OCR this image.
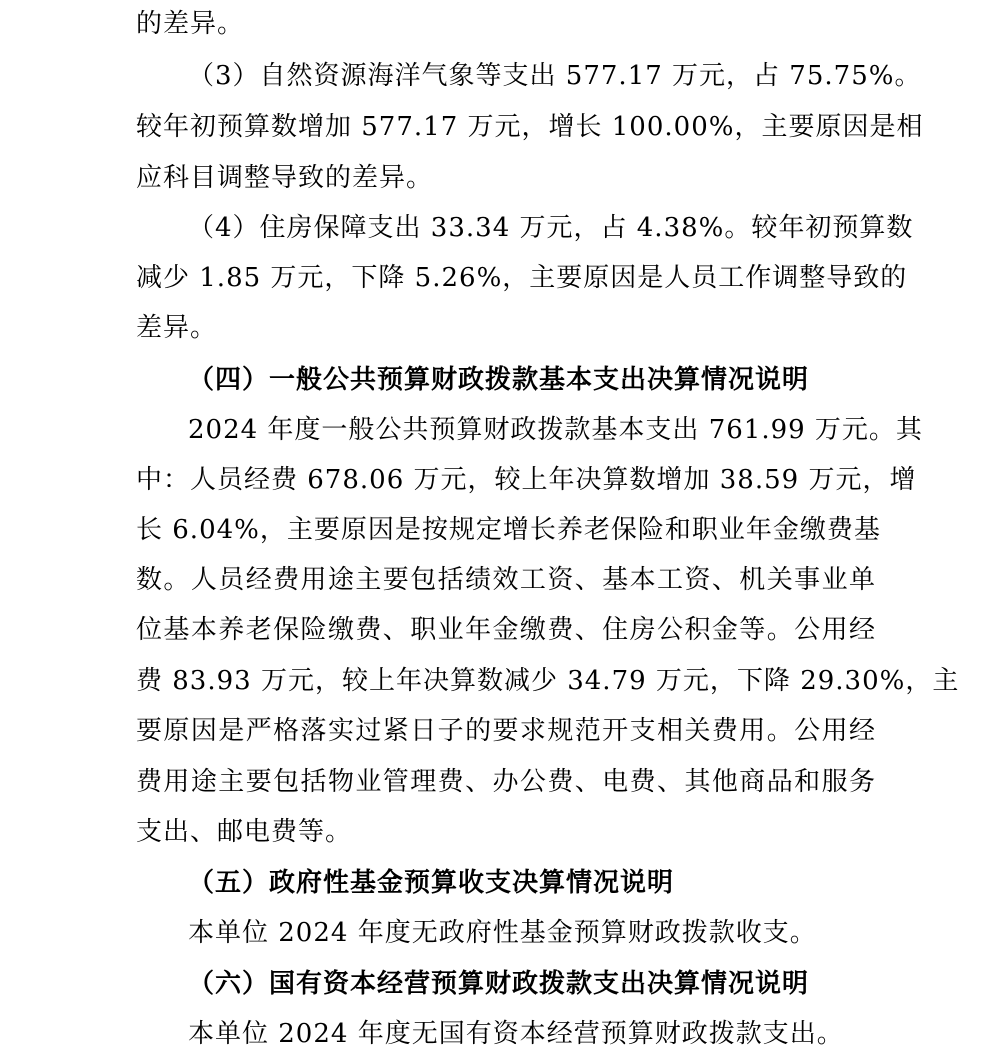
的差异。
（3）自然资源海洋气象等支出 577.17 万元，占 75.75%。
较年初预算数增加 577.17 万元，增长 100.00%，主要原因是相
应科目调整导致的差异。
（4）住房保障支出 33.34 万元，占 4.38%。较年初预算数
减少 1.85 万元，下降 5.26%，主要原因是人员工作调整导致的
差异。
（四）一般公共预算财政拨款基本支出决算情况说明
2024 年度一般公共预算财政拨款基本支出 761.99 万元。其
中：人员经费 678.06 万元，较上年决算数增加 38.59 万元，增
长 6.04%，主要原因是按规定增长养老保险和职业年金缴费基
数。人员经费用途主要包括绩效工资、基本工资、机关事业单
位基本养老保险缴费、职业年金缴费、住房公积金等。公用经
费 83.93 万元，较上年决算数减少 34.79 万元，下降 29.30%，主
要原因是严格落实过紧日子的要求规范开支相关费用。公用经
费用途主要包括物业管理费、办公费、电费、其他商品和服务
支出、邮电费等。
（五）政府性基金预算收支决算情况说明
本单位 2024 年度无政府性基金预算财政拨款收支。
（六）国有资本经营预算财政拨款支出决算情况说明
本单位 2024 年度无国有资本经营预算财政拨款支出。
